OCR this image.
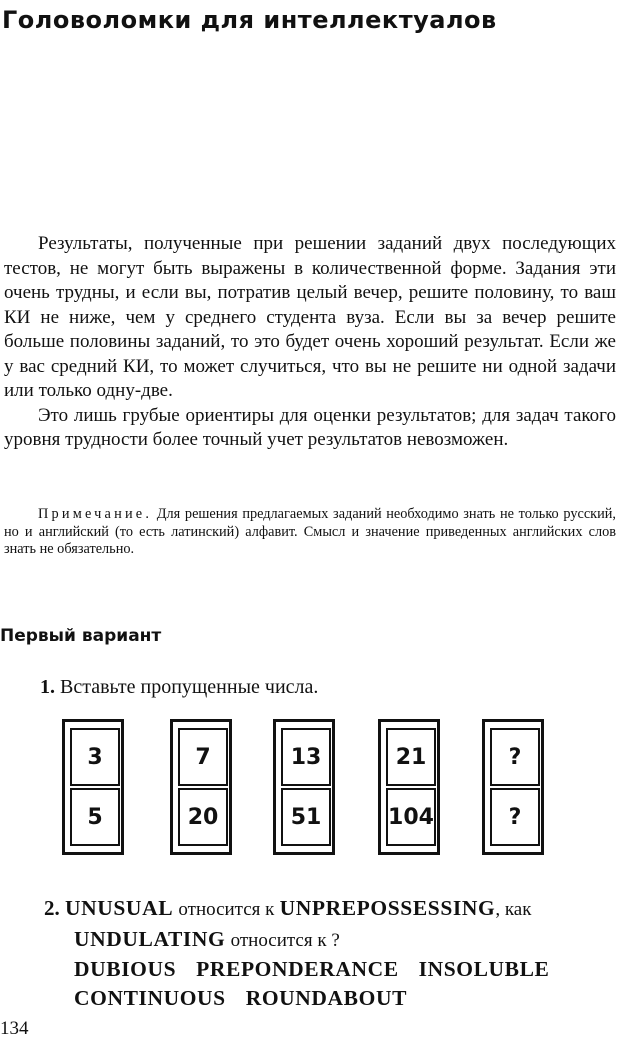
Головоломки для интеллектуалов

Результаты, полученные при решении заданий двух последующих тестов, не могут быть выражены в количественной форме. Задания эти очень трудны, и если вы, потратив целый вечер, решите половину, то ваш КИ не ниже, чем у среднего студента вуза. Если вы за вечер решите больше половины заданий, то это будет очень хороший результат. Если же у вас средний КИ, то может случиться, что вы не решите ни одной задачи или только одну-две.

Это лишь грубые ориентиры для оценки результатов; для задач такого уровня трудности более точный учет результатов невозможен.

Примечание. Для решения предлагаемых заданий необходимо знать не только русский, но и английский (то есть латинский) алфавит. Смысл и значение приведенных английских слов знать не обязательно.
Первый вариант
1. Вставьте пропущенные числа.
3
5
7
20
13
51
21
104
?
?
2. UNUSUAL относится к UNPREPOSSESSING, как
UNDULATING относится к ?
DUBIOUS PREPONDERANCE INSOLUBLE
CONTINUOUS ROUNDABOUT
134
